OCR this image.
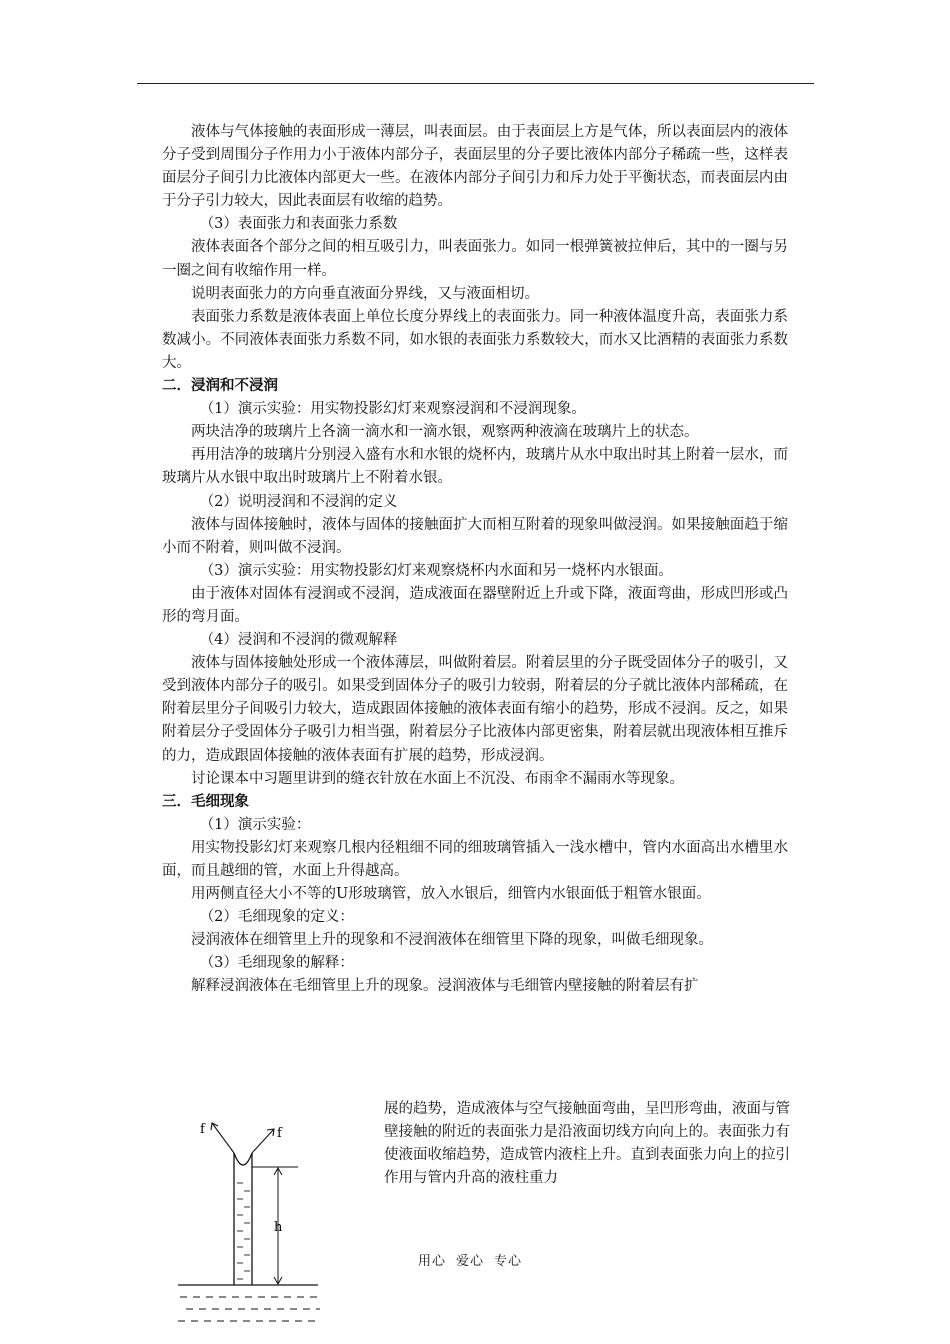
液体与气体接触的表面形成一薄层，叫表面层。由于表面层上方是气体，所以表面层内的液体分子受到周围分子作用力小于液体内部分子，表面层里的分子要比液体内部分子稀疏一些，这样表面层分子间引力比液体内部更大一些。在液体内部分子间引力和斥力处于平衡状态，而表面层内由于分子引力较大，因此表面层有收缩的趋势。

（3）表面张力和表面张力系数

液体表面各个部分之间的相互吸引力，叫表面张力。如同一根弹簧被拉伸后，其中的一圈与另一圈之间有收缩作用一样。

说明表面张力的方向垂直液面分界线，又与液面相切。

表面张力系数是液体表面上单位长度分界线上的表面张力。同一种液体温度升高，表面张力系数减小。不同液体表面张力系数不同，如水银的表面张力系数较大，而水又比酒精的表面张力系数大。

二．浸润和不浸润

（1）演示实验：用实物投影幻灯来观察浸润和不浸润现象。

两块洁净的玻璃片上各滴一滴水和一滴水银，观察两种液滴在玻璃片上的状态。

再用洁净的玻璃片分别浸入盛有水和水银的烧杯内，玻璃片从水中取出时其上附着一层水，而玻璃片从水银中取出时玻璃片上不附着水银。

（2）说明浸润和不浸润的定义

液体与固体接触时，液体与固体的接触面扩大而相互附着的现象叫做浸润。如果接触面趋于缩小而不附着，则叫做不浸润。

（3）演示实验：用实物投影幻灯来观察烧杯内水面和另一烧杯内水银面。

由于液体对固体有浸润或不浸润，造成液面在器壁附近上升或下降，液面弯曲，形成凹形或凸形的弯月面。

（4）浸润和不浸润的微观解释

液体与固体接触处形成一个液体薄层，叫做附着层。附着层里的分子既受固体分子的吸引，又受到液体内部分子的吸引。如果受到固体分子的吸引力较弱，附着层的分子就比液体内部稀疏，在附着层里分子间吸引力较大，造成跟固体接触的液体表面有缩小的趋势，形成不浸润。反之，如果附着层分子受固体分子吸引力相当强，附着层分子比液体内部更密集，附着层就出现液体相互推斥的力，造成跟固体接触的液体表面有扩展的趋势，形成浸润。

讨论课本中习题里讲到的缝衣针放在水面上不沉没、布雨伞不漏雨水等现象。

三．毛细现象

（1）演示实验：

用实物投影幻灯来观察几根内径粗细不同的细玻璃管插入一浅水槽中，管内水面高出水槽里水面，而且越细的管，水面上升得越高。

用两侧直径大小不等的U形玻璃管，放入水银后，细管内水银面低于粗管水银面。

（2）毛细现象的定义：

浸润液体在细管里上升的现象和不浸润液体在细管里下降的现象，叫做毛细现象。

（3）毛细现象的解释：

解释浸润液体在毛细管里上升的现象。浸润液体与毛细管内壁接触的附着层有扩

展的趋势，造成液体与空气接触面弯曲，呈凹形弯曲，液面与管壁接触的附近的表面张力是沿液面切线方向向上的。表面张力有使液面收缩趋势，造成管内液柱上升。直到表面张力向上的拉引作用与管内升高的液柱重力

f	f
h
用心 爱心 专心
